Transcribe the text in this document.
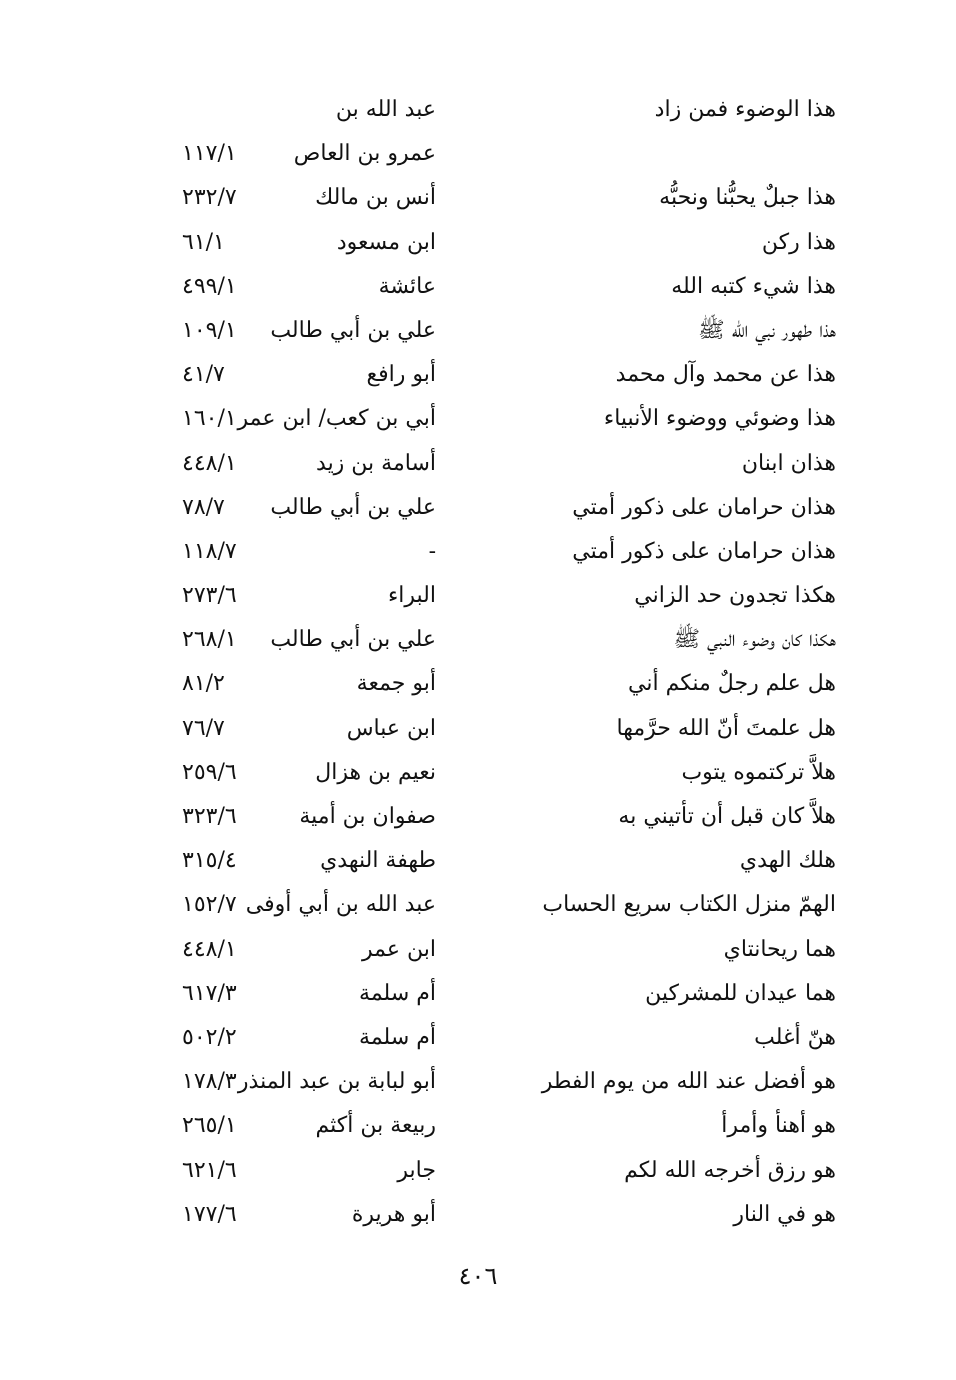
هذا الوضوء فمن زاد
عبد الله بن
عمرو بن العاص
١١٧/١
هذا جبلٌ يحبُّنا ونحبُّه
أنس بن مالك
٢٣٢/٧
هذا ركن
ابن مسعود
٦١/١
هذا شيء كتبه الله
عائشة
٤٩٩/١
هذا طهور نبي الله ﷺ
علي بن أبي طالب
١٠٩/١
هذا عن محمد وآل محمد
أبو رافع
٤١/٧
هذا وضوئي ووضوء الأنبياء
أبي بن كعب/ ابن عمر
١٦٠/١
هذان ابنان
أسامة بن زيد
٤٤٨/١
هذان حرامان على ذكور أمتي
علي بن أبي طالب
٧٨/٧
هذان حرامان على ذكور أمتي
-
١١٨/٧
هكذا تجدون حد الزاني
البراء
٢٧٣/٦
هكذا كان وضوء النبي ﷺ
علي بن أبي طالب
٢٦٨/١
هل علم رجلٌ منكم أني
أبو جمعة
٨١/٢
هل علمتَ أنّ الله حرَّمها
ابن عباس
٧٦/٧
هلاَّ تركتموه يتوب
نعيم بن هزال
٢٥٩/٦
هلاَّ كان قبل أن تأتيني به
صفوان بن أمية
٣٢٣/٦
هلك الهدي
طهفة النهدي
٣١٥/٤
الهمّ منزل الكتاب سريع الحساب
عبد الله بن أبي أوفى
١٥٢/٧
هما ريحانتاي
ابن عمر
٤٤٨/١
هما عيدان للمشركين
أم سلمة
٦١٧/٣
هنّ أغلب
أم سلمة
٥٠٢/٢
هو أفضل عند الله من يوم الفطر
أبو لبابة بن عبد المنذر
١٧٨/٣
هو أهنأ وأمرأ
ربيعة بن أكثم
٢٦٥/١
هو رزق أخرجه الله لكم
جابر
٦٢١/٦
هو في النار
أبو هريرة
١٧٧/٦
٤٠٦
